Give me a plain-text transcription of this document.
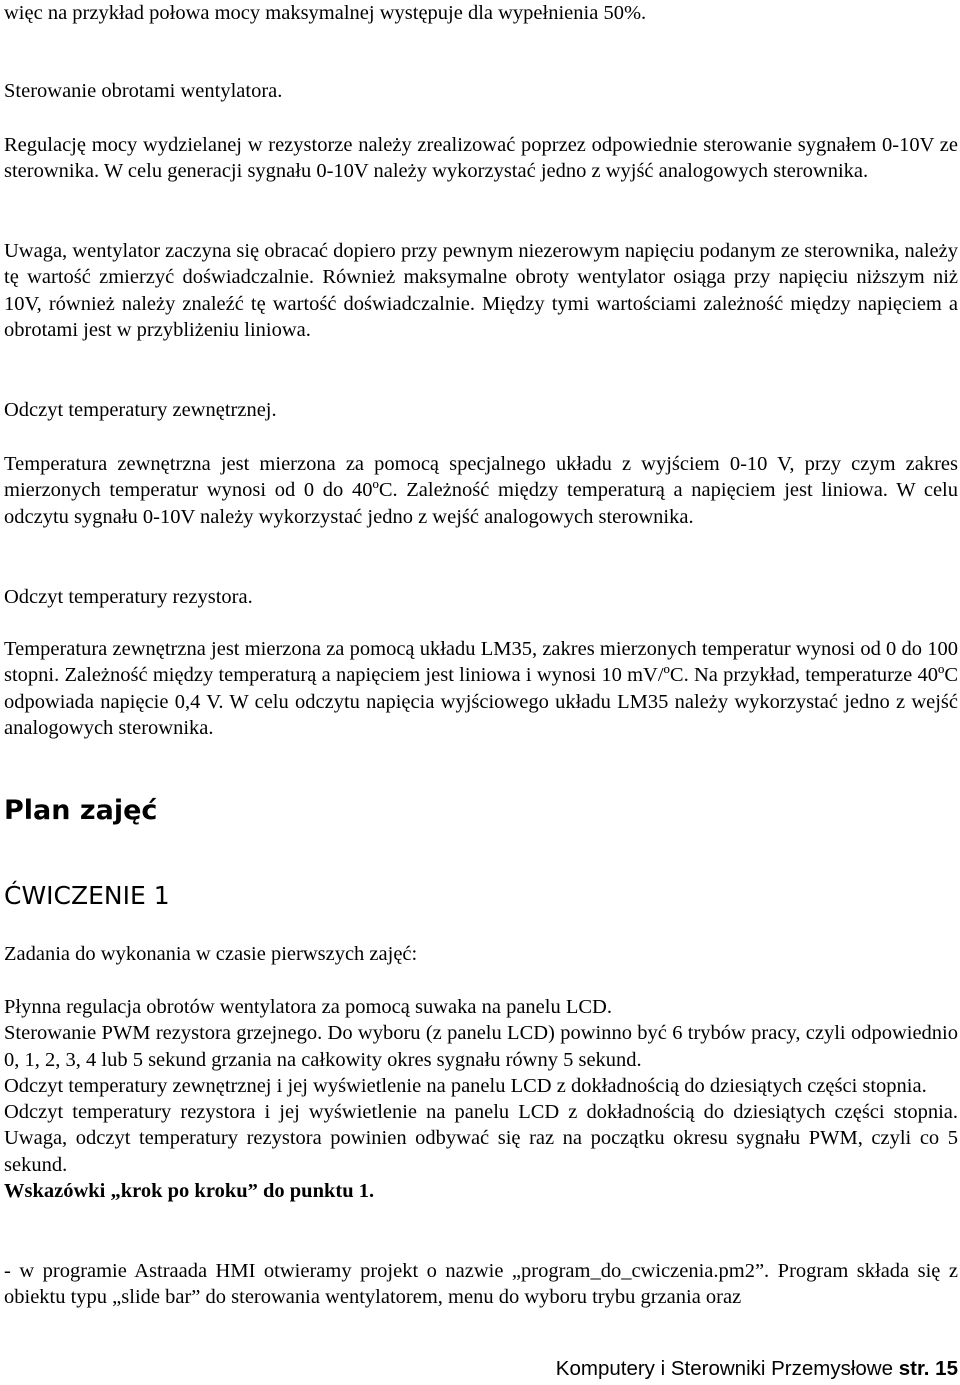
więc na przykład połowa mocy maksymalnej występuje dla wypełnienia 50%.

Sterowanie obrotami wentylatora.

Regulację mocy wydzielanej w rezystorze należy zrealizować poprzez odpowiednie sterowanie sygnałem 0-10V ze sterownika. W celu generacji sygnału 0-10V należy wykorzystać jedno z wyjść analogowych sterownika.

Uwaga, wentylator zaczyna się obracać dopiero przy pewnym niezerowym napięciu podanym ze sterownika, należy tę wartość zmierzyć doświadczalnie. Również maksymalne obroty wentylator osiąga przy napięciu niższym niż 10V, również należy znaleźć tę wartość doświadczalnie. Między tymi wartościami zależność między napięciem a obrotami jest w przybliżeniu liniowa.

Odczyt temperatury zewnętrznej.

Temperatura zewnętrzna jest mierzona za pomocą specjalnego układu z wyjściem 0-10 V, przy czym zakres mierzonych temperatur wynosi od 0 do 40ºC. Zależność między temperaturą a napięciem jest liniowa. W celu odczytu sygnału 0-10V należy wykorzystać jedno z wejść analogowych sterownika.

Odczyt temperatury rezystora.

Temperatura zewnętrzna jest mierzona za pomocą układu LM35, zakres mierzonych temperatur wynosi od 0 do 100 stopni. Zależność między temperaturą a napięciem jest liniowa i wynosi 10 mV/ºC. Na przykład, temperaturze 40ºC odpowiada napięcie 0,4 V. W celu odczytu napięcia wyjściowego układu LM35 należy wykorzystać jedno z wejść analogowych sterownika.

Plan zajęć
ĆWICZENIE 1

Zadania do wykonania w czasie pierwszych zajęć:

Płynna regulacja obrotów wentylatora za pomocą suwaka na panelu LCD.
Sterowanie PWM rezystora grzejnego. Do wyboru (z panelu LCD) powinno być 6 trybów pracy, czyli odpowiednio 0, 1, 2, 3, 4 lub 5 sekund grzania na całkowity okres sygnału równy 5 sekund.
Odczyt temperatury zewnętrznej i jej wyświetlenie na panelu LCD z dokładnością do dziesiątych części stopnia.
Odczyt temperatury rezystora i jej wyświetlenie na panelu LCD z dokładnością do dziesiątych części stopnia. Uwaga, odczyt temperatury rezystora powinien odbywać się raz na początku okresu sygnału PWM, czyli co 5 sekund.
Wskazówki „krok po kroku” do punktu 1.

- w programie Astraada HMI otwieramy projekt o nazwie „program_do_cwiczenia.pm2”. Program składa się z obiektu typu „slide bar” do sterowania wentylatorem, menu do wyboru trybu grzania oraz

Komputery i Sterowniki Przemysłowe str. 15
